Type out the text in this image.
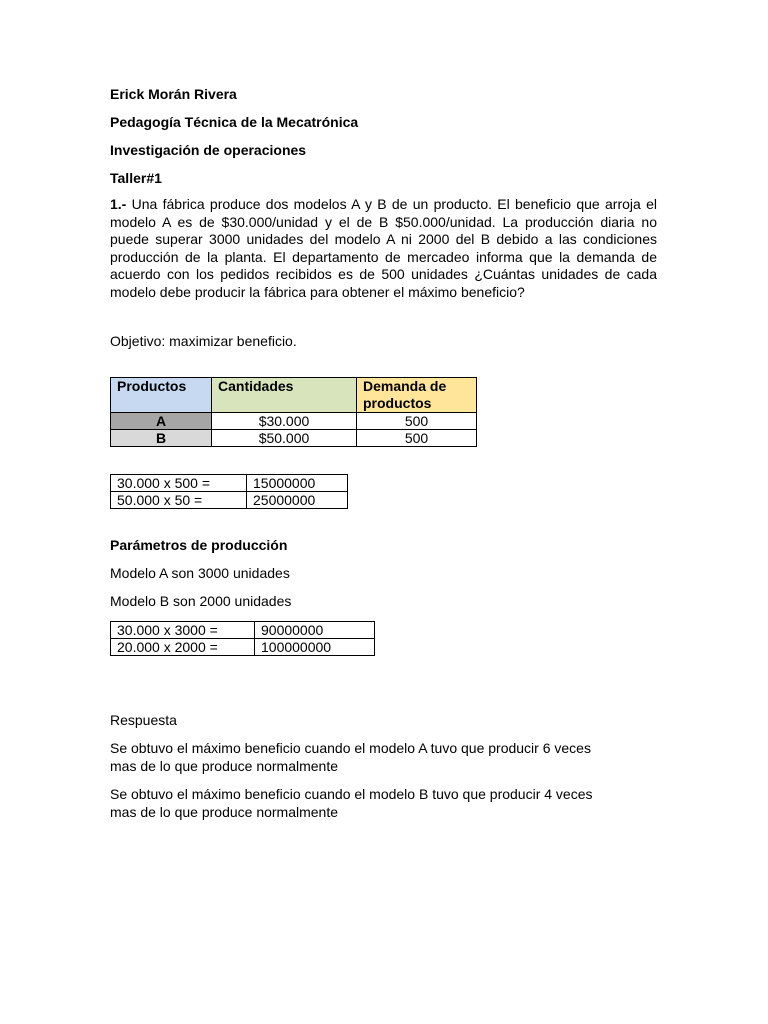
Erick Morán Rivera
Pedagogía Técnica de la Mecatrónica
Investigación de operaciones
Taller#1
1.- Una fábrica produce dos modelos A y B de un producto. El beneficio que arroja el modelo A es de $30.000/unidad y el de B $50.000/unidad. La producción diaria no puede superar 3000 unidades del modelo A ni 2000 del B debido a las condiciones producción de la planta. El departamento de mercadeo informa que la demanda de acuerdo con los pedidos recibidos es de 500 unidades ¿Cuántas unidades de cada modelo debe producir la fábrica para obtener el máximo beneficio?
Objetivo: maximizar beneficio.
Productos	Cantidades	Demanda de productos
A	$30.000	500
B	$50.000	500
30.000 x 500 =	15000000
50.000 x 50 =	25000000
Parámetros de producción
Modelo A son 3000 unidades
Modelo B son 2000 unidades
30.000 x 3000 =	90000000
20.000 x 2000 =	100000000
Respuesta
Se obtuvo el máximo beneficio cuando el modelo A tuvo que producir 6 veces
mas de lo que produce normalmente
Se obtuvo el máximo beneficio cuando el modelo B tuvo que producir 4 veces
mas de lo que produce normalmente
